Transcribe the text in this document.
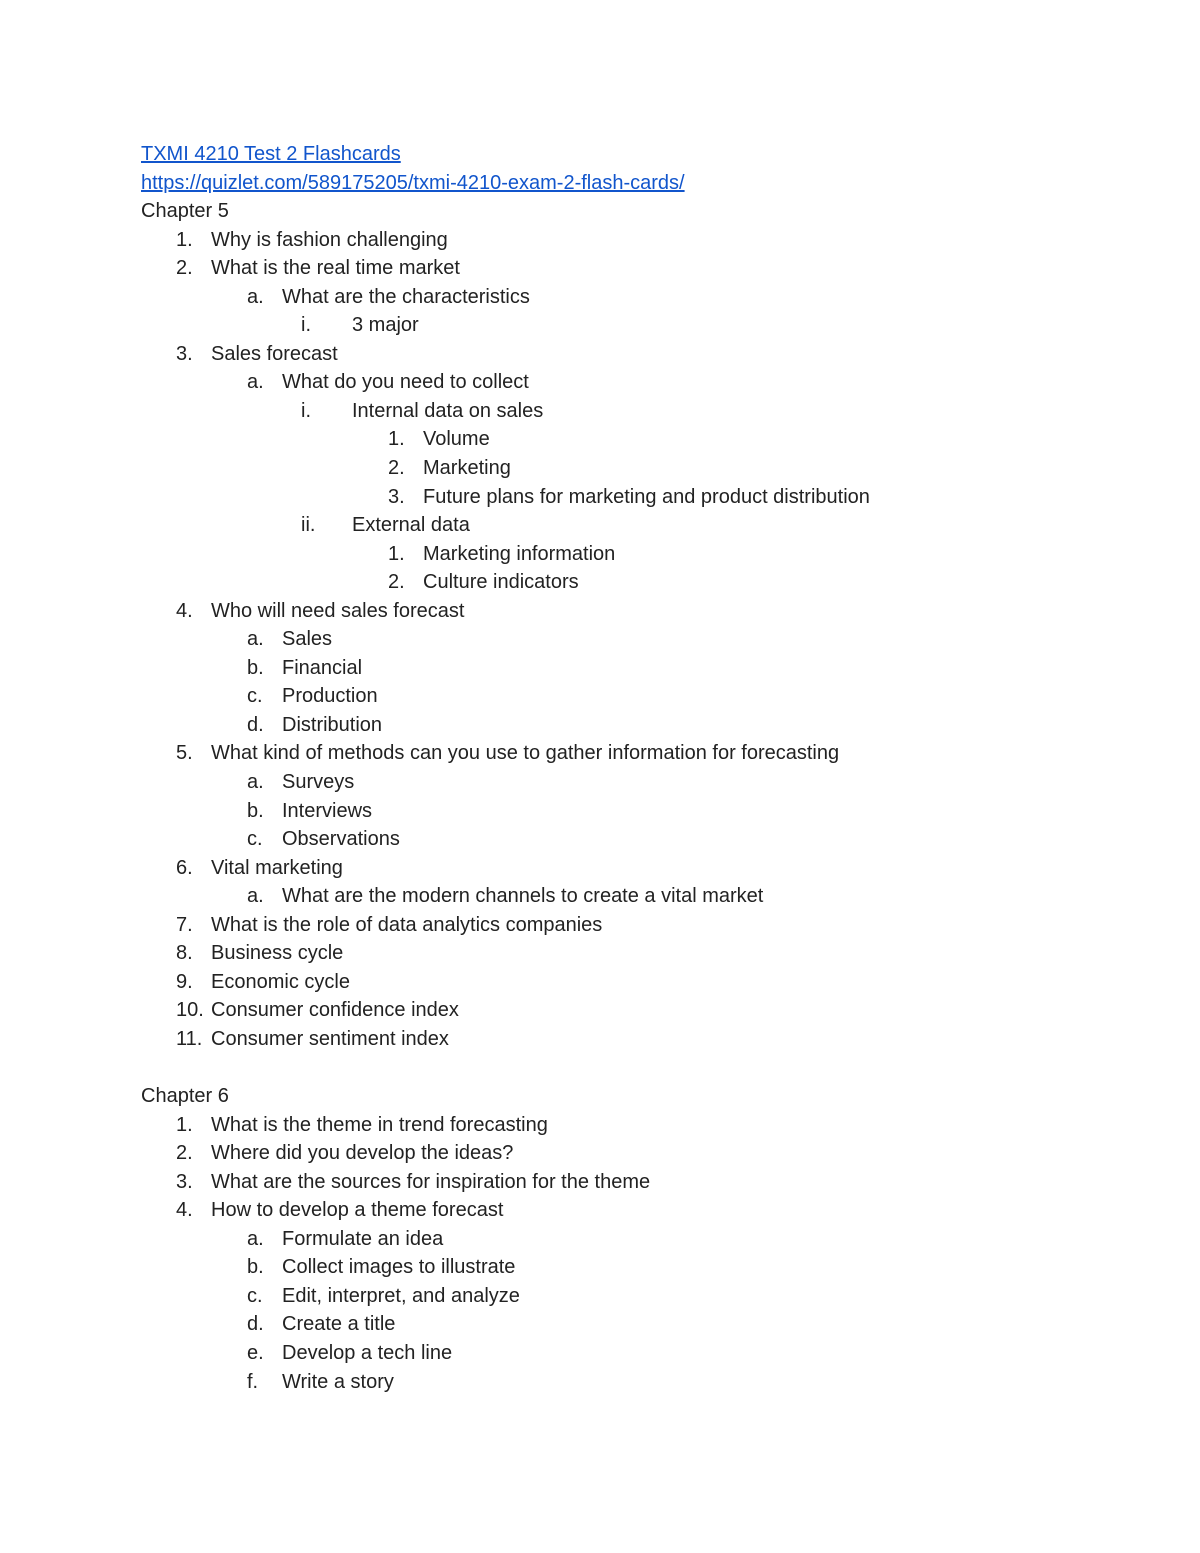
TXMI 4210 Test 2 Flashcards
https://quizlet.com/589175205/txmi-4210-exam-2-flash-cards/
Chapter 5
1. Why is fashion challenging
2. What is the real time market
a. What are the characteristics
i. 3 major
3. Sales forecast
a. What do you need to collect
i. Internal data on sales
1. Volume
2. Marketing
3. Future plans for marketing and product distribution
ii. External data
1. Marketing information
2. Culture indicators
4. Who will need sales forecast
a. Sales
b. Financial
c. Production
d. Distribution
5. What kind of methods can you use to gather information for forecasting
a. Surveys
b. Interviews
c. Observations
6. Vital marketing
a. What are the modern channels to create a vital market
7. What is the role of data analytics companies
8. Business cycle
9. Economic cycle
10. Consumer confidence index
11. Consumer sentiment index
Chapter 6
1. What is the theme in trend forecasting
2. Where did you develop the ideas?
3. What are the sources for inspiration for the theme
4. How to develop a theme forecast
a. Formulate an idea
b. Collect images to illustrate
c. Edit, interpret, and analyze
d. Create a title
e. Develop a tech line
f. Write a story
